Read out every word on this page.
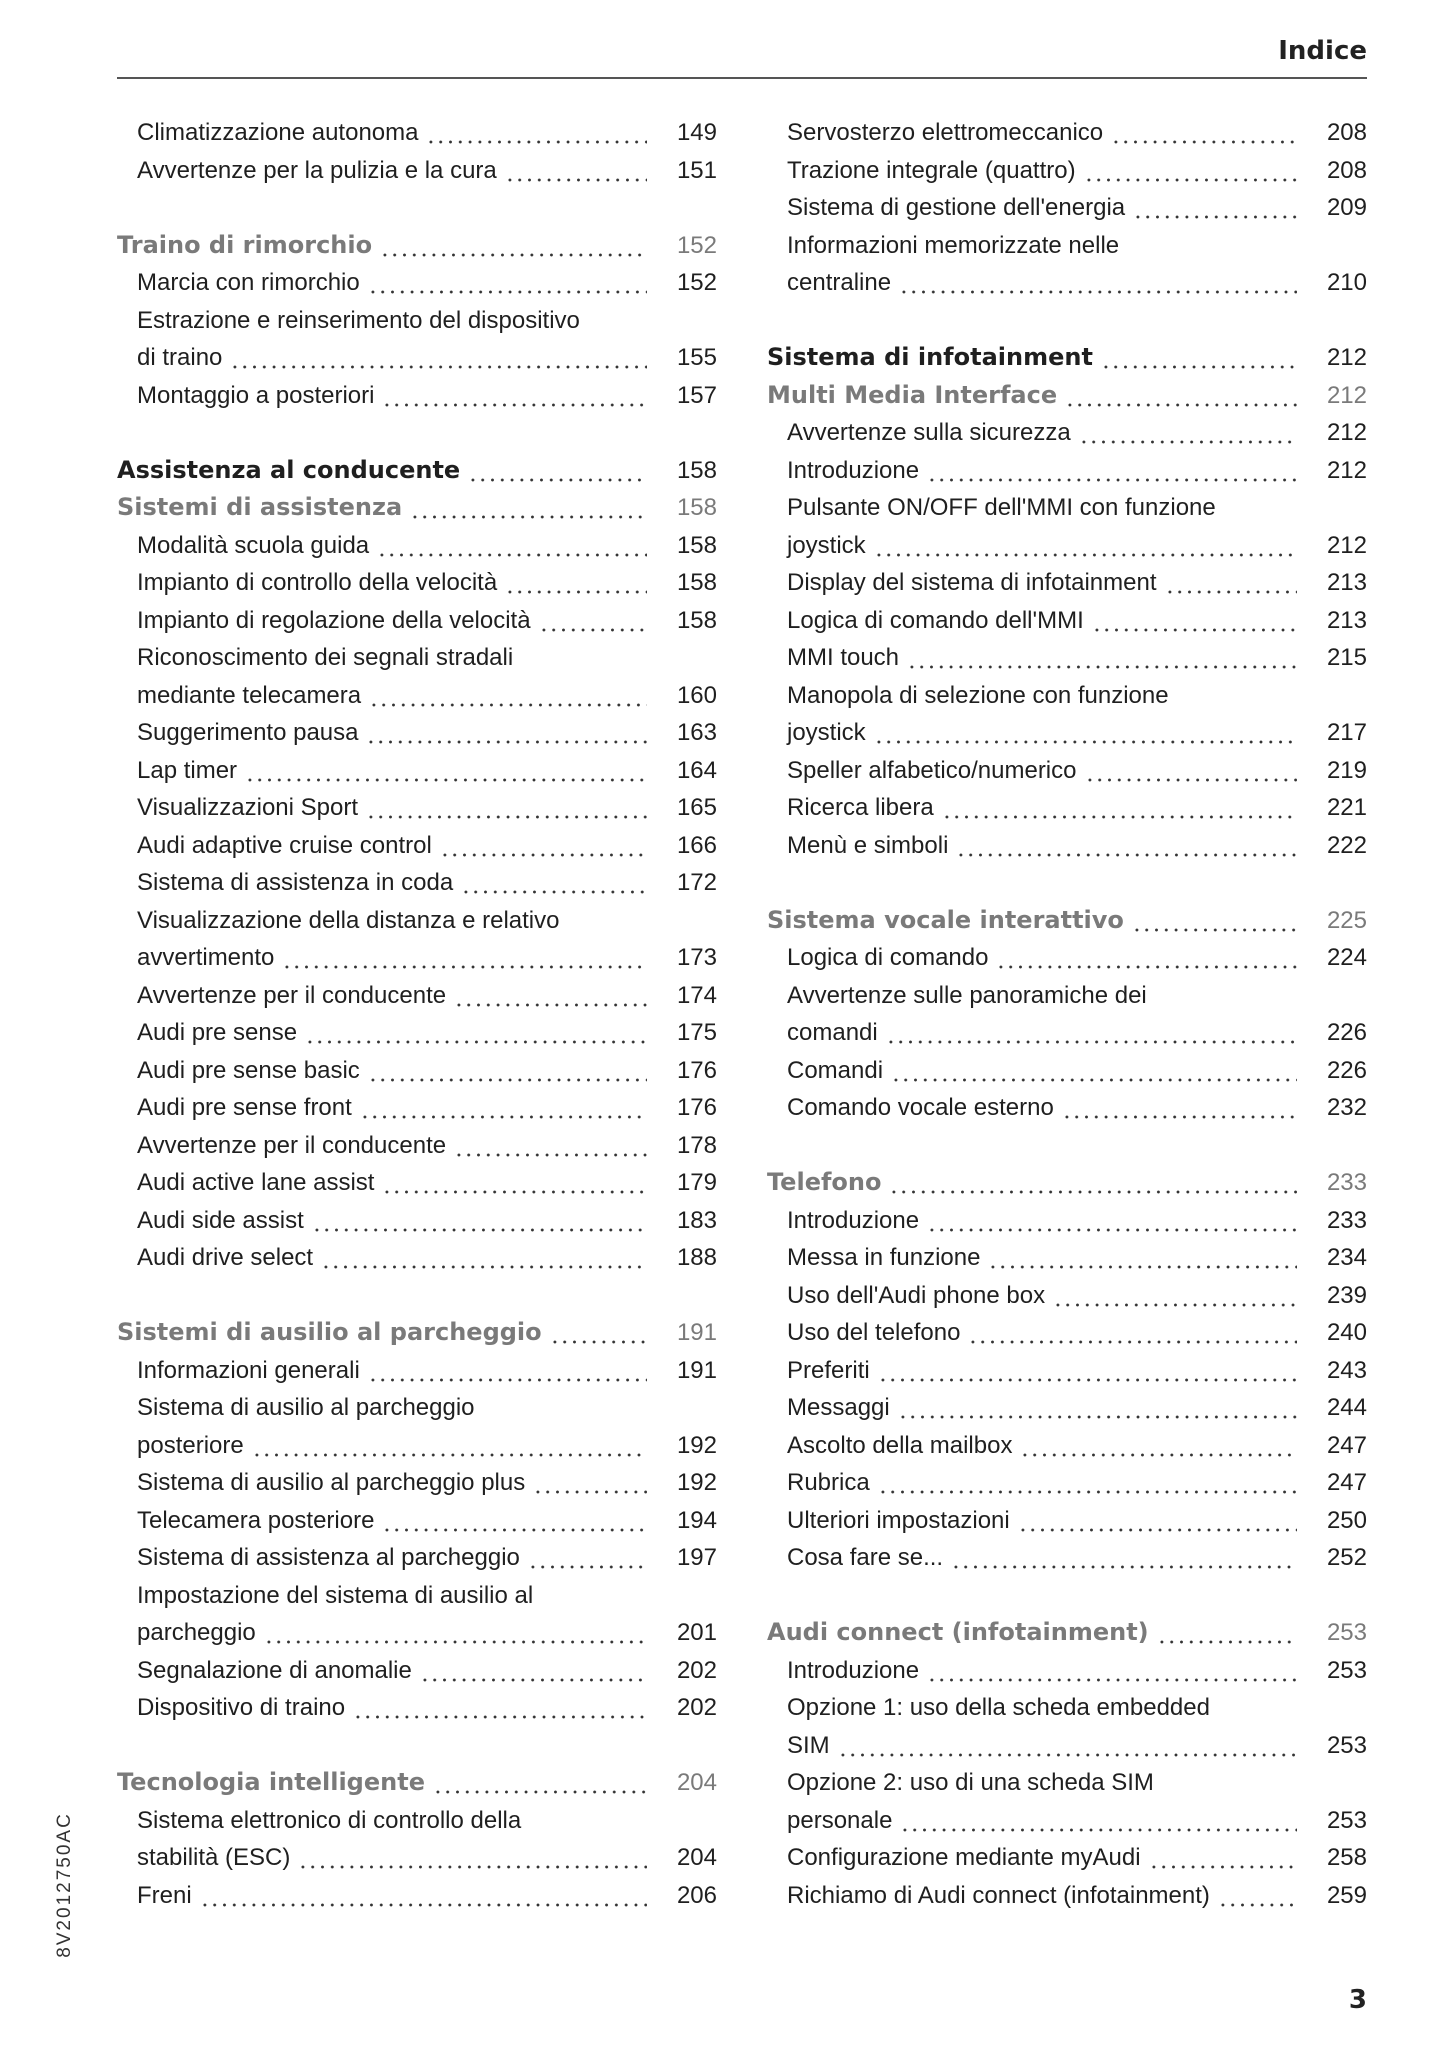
Indice
Climatizzazione autonoma	149
Avvertenze per la pulizia e la cura	151
Traino di rimorchio	152
Marcia con rimorchio	152
Estrazione e reinserimento del dispositivo
di traino	155
Montaggio a posteriori	157
Assistenza al conducente	158
Sistemi di assistenza	158
Modalità scuola guida	158
Impianto di controllo della velocità	158
Impianto di regolazione della velocità	158
Riconoscimento dei segnali stradali
mediante telecamera	160
Suggerimento pausa	163
Lap timer	164
Visualizzazioni Sport	165
Audi adaptive cruise control	166
Sistema di assistenza in coda	172
Visualizzazione della distanza e relativo
avvertimento	173
Avvertenze per il conducente	174
Audi pre sense	175
Audi pre sense basic	176
Audi pre sense front	176
Avvertenze per il conducente	178
Audi active lane assist	179
Audi side assist	183
Audi drive select	188
Sistemi di ausilio al parcheggio	191
Informazioni generali	191
Sistema di ausilio al parcheggio
posteriore	192
Sistema di ausilio al parcheggio plus	192
Telecamera posteriore	194
Sistema di assistenza al parcheggio	197
Impostazione del sistema di ausilio al
parcheggio	201
Segnalazione di anomalie	202
Dispositivo di traino	202
Tecnologia intelligente	204
Sistema elettronico di controllo della
stabilità (ESC)	204
Freni	206
Servosterzo elettromeccanico	208
Trazione integrale (quattro)	208
Sistema di gestione dell'energia	209
Informazioni memorizzate nelle
centraline	210
Sistema di infotainment	212
Multi Media Interface	212
Avvertenze sulla sicurezza	212
Introduzione	212
Pulsante ON/OFF dell'MMI con funzione
joystick	212
Display del sistema di infotainment	213
Logica di comando dell'MMI	213
MMI touch	215
Manopola di selezione con funzione
joystick	217
Speller alfabetico/numerico	219
Ricerca libera	221
Menù e simboli	222
Sistema vocale interattivo	225
Logica di comando	224
Avvertenze sulle panoramiche dei
comandi	226
Comandi	226
Comando vocale esterno	232
Telefono	233
Introduzione	233
Messa in funzione	234
Uso dell'Audi phone box	239
Uso del telefono	240
Preferiti	243
Messaggi	244
Ascolto della mailbox	247
Rubrica	247
Ulteriori impostazioni	250
Cosa fare se...	252
Audi connect (infotainment)	253
Introduzione	253
Opzione 1: uso della scheda embedded
SIM	253
Opzione 2: uso di una scheda SIM
personale	253
Configurazione mediante myAudi	258
Richiamo di Audi connect (infotainment)	259
8V2012750AC
3
